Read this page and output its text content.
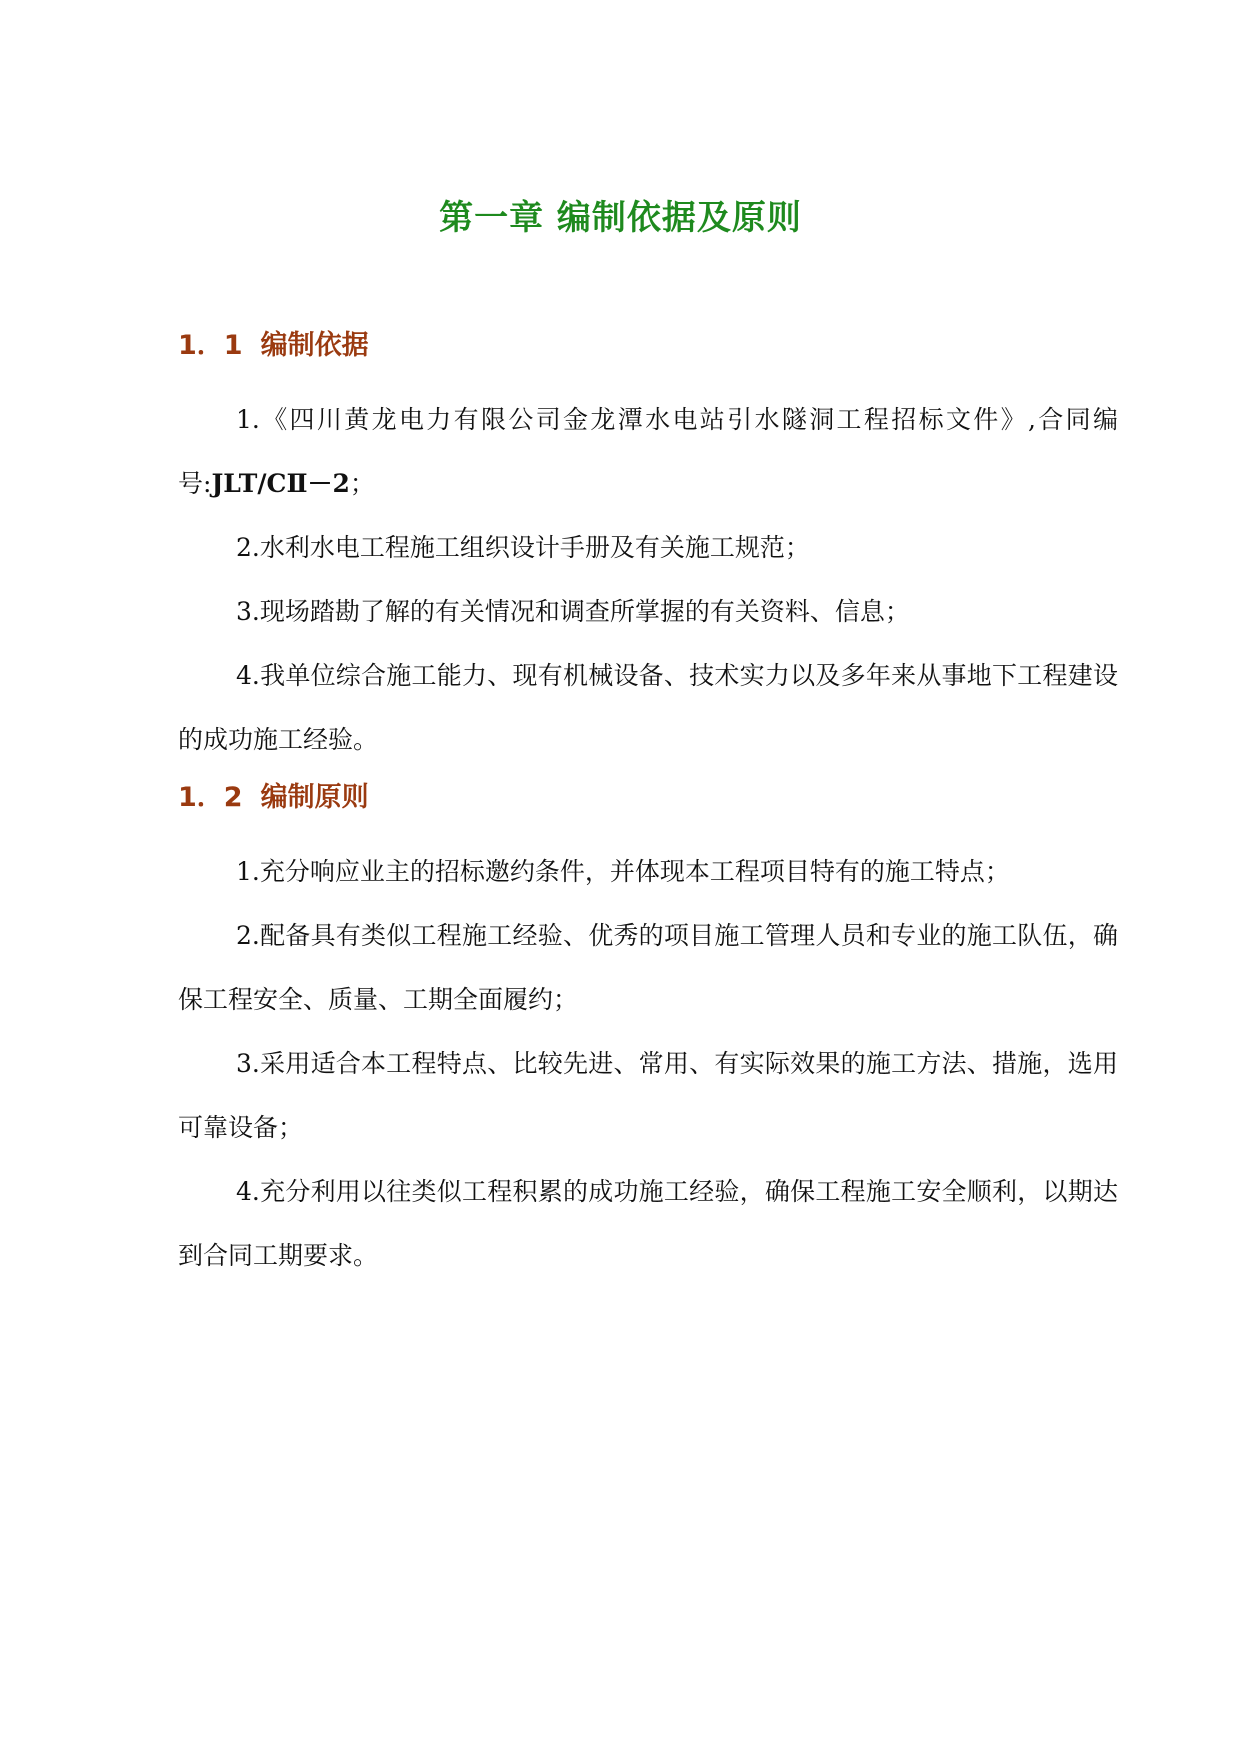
第一章 编制依据及原则
1．1 编制依据

1.《四川黄龙电力有限公司金龙潭水电站引水隧洞工程招标文件》,合同编号:JLT/CⅡ－2；

2.水利水电工程施工组织设计手册及有关施工规范；

3.现场踏勘了解的有关情况和调查所掌握的有关资料、信息；

4.我单位综合施工能力、现有机械设备、技术实力以及多年来从事地下工程建设的成功施工经验。

1．2 编制原则

1.充分响应业主的招标邀约条件，并体现本工程项目特有的施工特点；

2.配备具有类似工程施工经验、优秀的项目施工管理人员和专业的施工队伍，确保工程安全、质量、工期全面履约；

3.采用适合本工程特点、比较先进、常用、有实际效果的施工方法、措施，选用可靠设备；

4.充分利用以往类似工程积累的成功施工经验，确保工程施工安全顺利，以期达到合同工期要求。
